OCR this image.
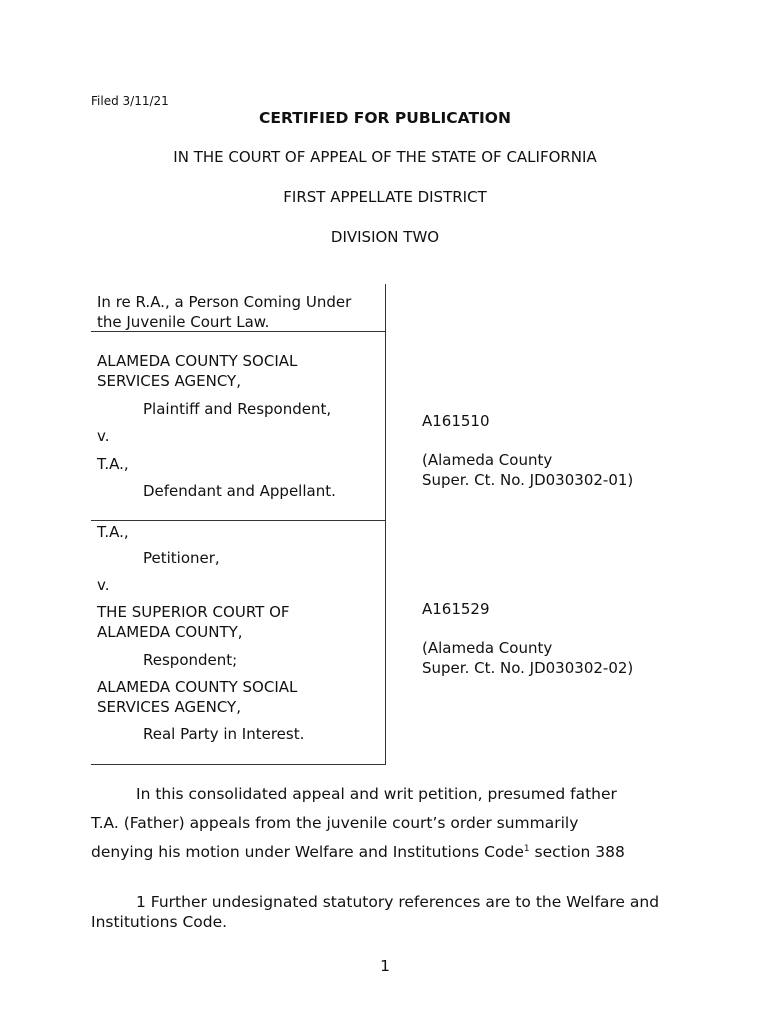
Filed 3/11/21
CERTIFIED FOR PUBLICATION
IN THE COURT OF APPEAL OF THE STATE OF CALIFORNIA
FIRST APPELLATE DISTRICT
DIVISION TWO
In re R.A., a Person Coming Under
the Juvenile Court Law.
ALAMEDA COUNTY SOCIAL
SERVICES AGENCY,
Plaintiff and Respondent,
v.
T.A.,
Defendant and Appellant.
T.A.,
Petitioner,
v.
THE SUPERIOR COURT OF
ALAMEDA COUNTY,
Respondent;
ALAMEDA COUNTY SOCIAL
SERVICES AGENCY,
Real Party in Interest.
A161510
(Alameda County
Super. Ct. No. JD030302-01)
A161529
(Alameda County
Super. Ct. No. JD030302-02)
In this consolidated appeal and writ petition, presumed father
T.A. (Father) appeals from the juvenile court’s order summarily
denying his motion under Welfare and Institutions Code$^1$ section 388
1 Further undesignated statutory references are to the Welfare and Institutions Code.
1
